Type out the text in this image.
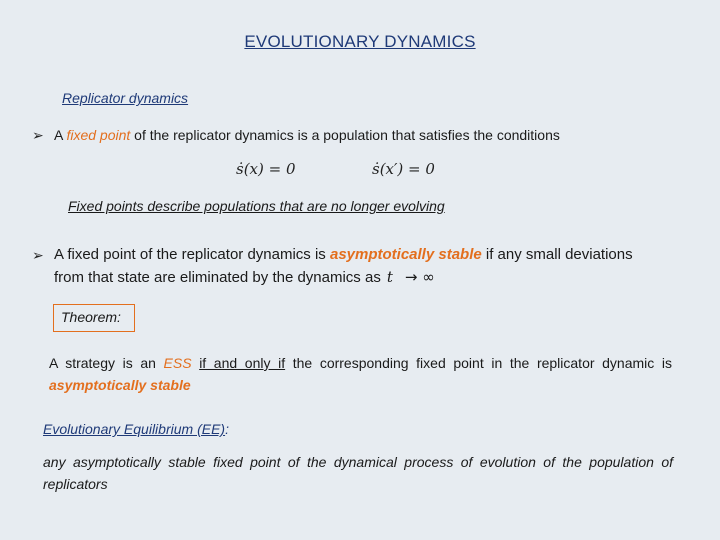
EVOLUTIONARY DYNAMICS
Replicator dynamics
➢ A fixed point of the replicator dynamics is a population that satisfies the conditions
ṡ(x) = 0	ṡ(x′) = 0
Fixed points describe populations that are no longer evolving
➢ A fixed point of the replicator dynamics is asymptotically stable if any small deviations
from that state are eliminated by the dynamics as t → ∞
Theorem:
A strategy is an ESS if and only if the corresponding fixed point in the replicator dynamic is asymptotically stable
Evolutionary Equilibrium (EE):
any asymptotically stable fixed point of the dynamical process of evolution of the population of replicators
